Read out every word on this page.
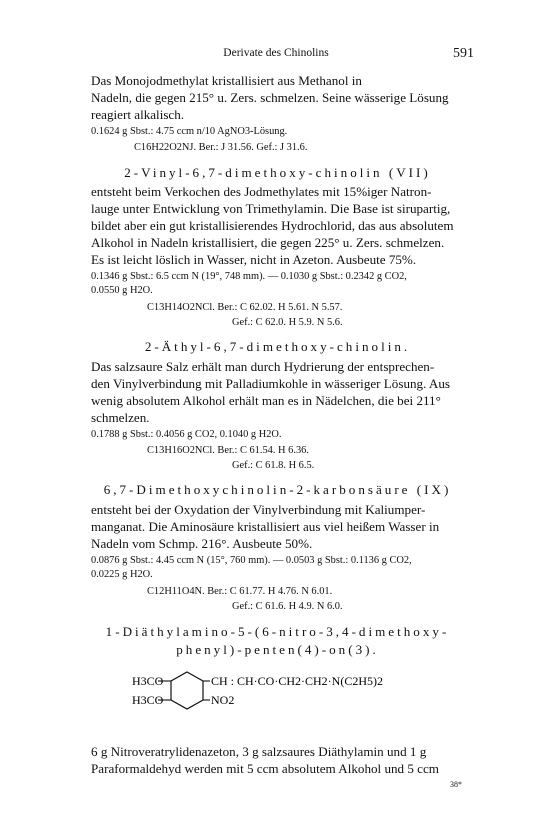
Derivate des Chinolins	591
Das Monojodmethylat kristallisiert aus Methanol in
Nadeln, die gegen 215° u. Zers. schmelzen. Seine wässerige Lösung
reagiert alkalisch.
0.1624 g Sbst.: 4.75 ccm n/10 AgNO3-Lösung.
C16H22O2NJ. Ber.: J 31.56. Gef.: J 31.6.
2-Vinyl-6,7-dimethoxy-chinolin (VII)
entsteht beim Verkochen des Jodmethylates mit 15%iger Natron-
lauge unter Entwicklung von Trimethylamin. Die Base ist sirupartig,
bildet aber ein gut kristallisierendes Hydrochlorid, das aus absolutem
Alkohol in Nadeln kristallisiert, die gegen 225° u. Zers. schmelzen.
Es ist leicht löslich in Wasser, nicht in Azeton. Ausbeute 75%.
0.1346 g Sbst.: 6.5 ccm N (19°, 748 mm). — 0.1030 g Sbst.: 0.2342 g CO2,
0.0550 g H2O.
C13H14O2NCl. Ber.: C 62.02. H 5.61. N 5.57.
Gef.: C 62.0. H 5.9. N 5.6.
2-Äthyl-6,7-dimethoxy-chinolin.
Das salzsaure Salz erhält man durch Hydrierung der entsprechen-
den Vinylverbindung mit Palladiumkohle in wässeriger Lösung. Aus
wenig absolutem Alkohol erhält man es in Nädelchen, die bei 211°
schmelzen.
0.1788 g Sbst.: 0.4056 g CO2, 0.1040 g H2O.
C13H16O2NCl. Ber.: C 61.54. H 6.36.
Gef.: C 61.8. H 6.5.
6,7-Dimethoxychinolin-2-karbonsäure (IX)
entsteht bei der Oxydation der Vinylverbindung mit Kaliumper-
manganat. Die Aminosäure kristallisiert aus viel heißem Wasser in
Nadeln vom Schmp. 216°. Ausbeute 50%.
0.0876 g Sbst.: 4.45 ccm N (15°, 760 mm). — 0.0503 g Sbst.: 0.1136 g CO2,
0.0225 g H2O.
C12H11O4N. Ber.: C 61.77. H 4.76. N 6.01.
Gef.: C 61.6. H 4.9. N 6.0.
1-Diäthylamino-5-(6-nitro-3,4-dimethoxy-
phenyl)-penten(4)-on(3).
H3CO
H3CO
CH : CH·CO·CH2·CH2·N(C2H5)2
NO2
6 g Nitroveratrylidenazeton, 3 g salzsaures Diäthylamin und 1 g
Paraformaldehyd werden mit 5 ccm absolutem Alkohol und 5 ccm
38*
